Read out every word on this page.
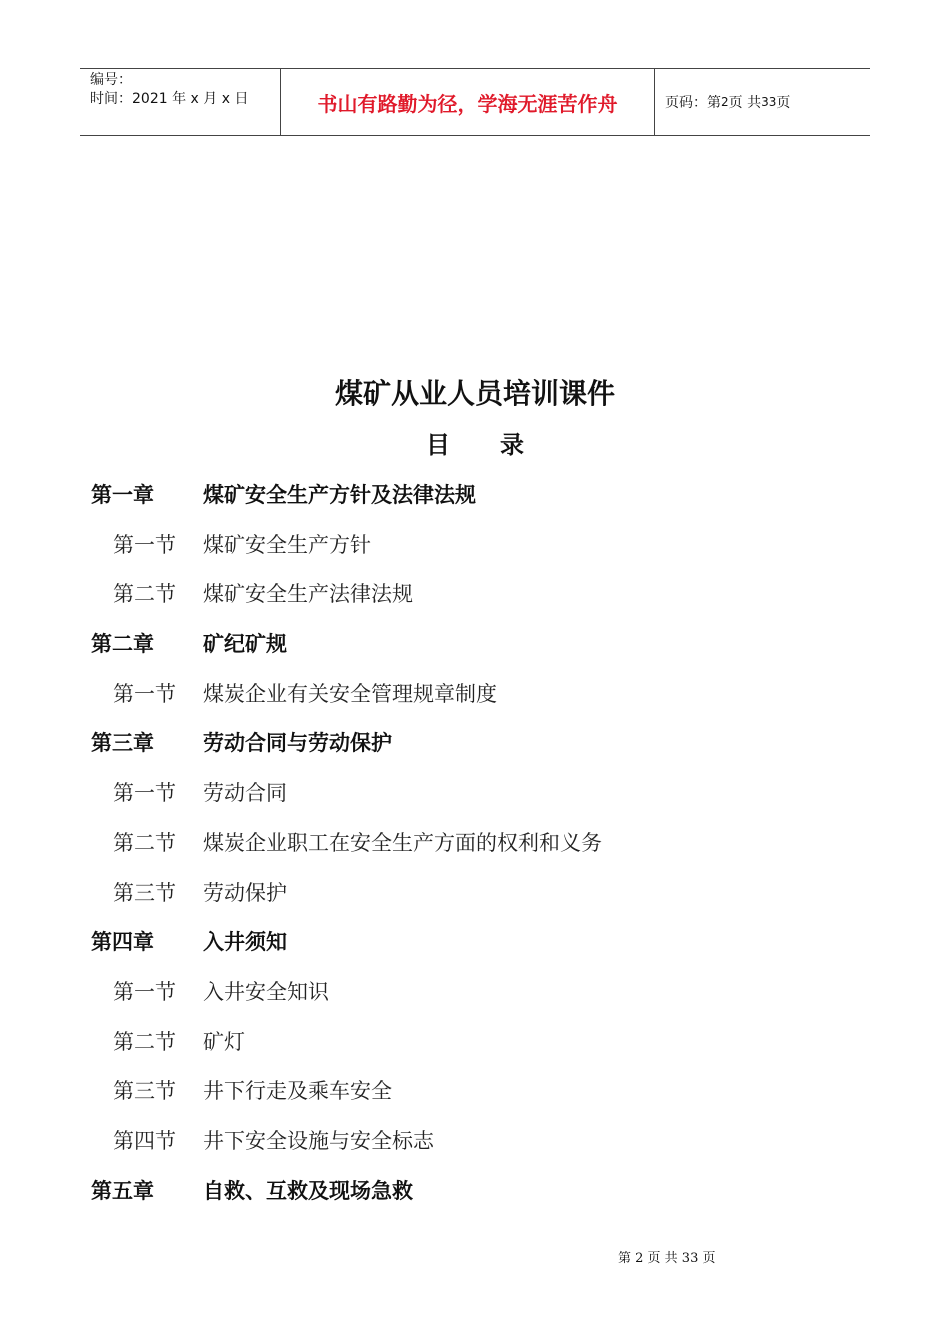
编号：
时间：2021 年 x 月 x 日	书山有路勤为径，学海无涯苦作舟	页码：第 2 页 共 33 页
煤矿从业人员培训课件
目录
第一章 煤矿安全生产方针及法律法规
第一节 煤矿安全生产方针
第二节 煤矿安全生产法律法规
第二章 矿纪矿规
第一节 煤炭企业有关安全管理规章制度
第三章 劳动合同与劳动保护
第一节 劳动合同
第二节 煤炭企业职工在安全生产方面的权利和义务
第三节 劳动保护
第四章 入井须知
第一节 入井安全知识
第二节 矿灯
第三节 井下行走及乘车安全
第四节 井下安全设施与安全标志
第五章 自救、互救及现场急救
第 2 页 共 33 页
